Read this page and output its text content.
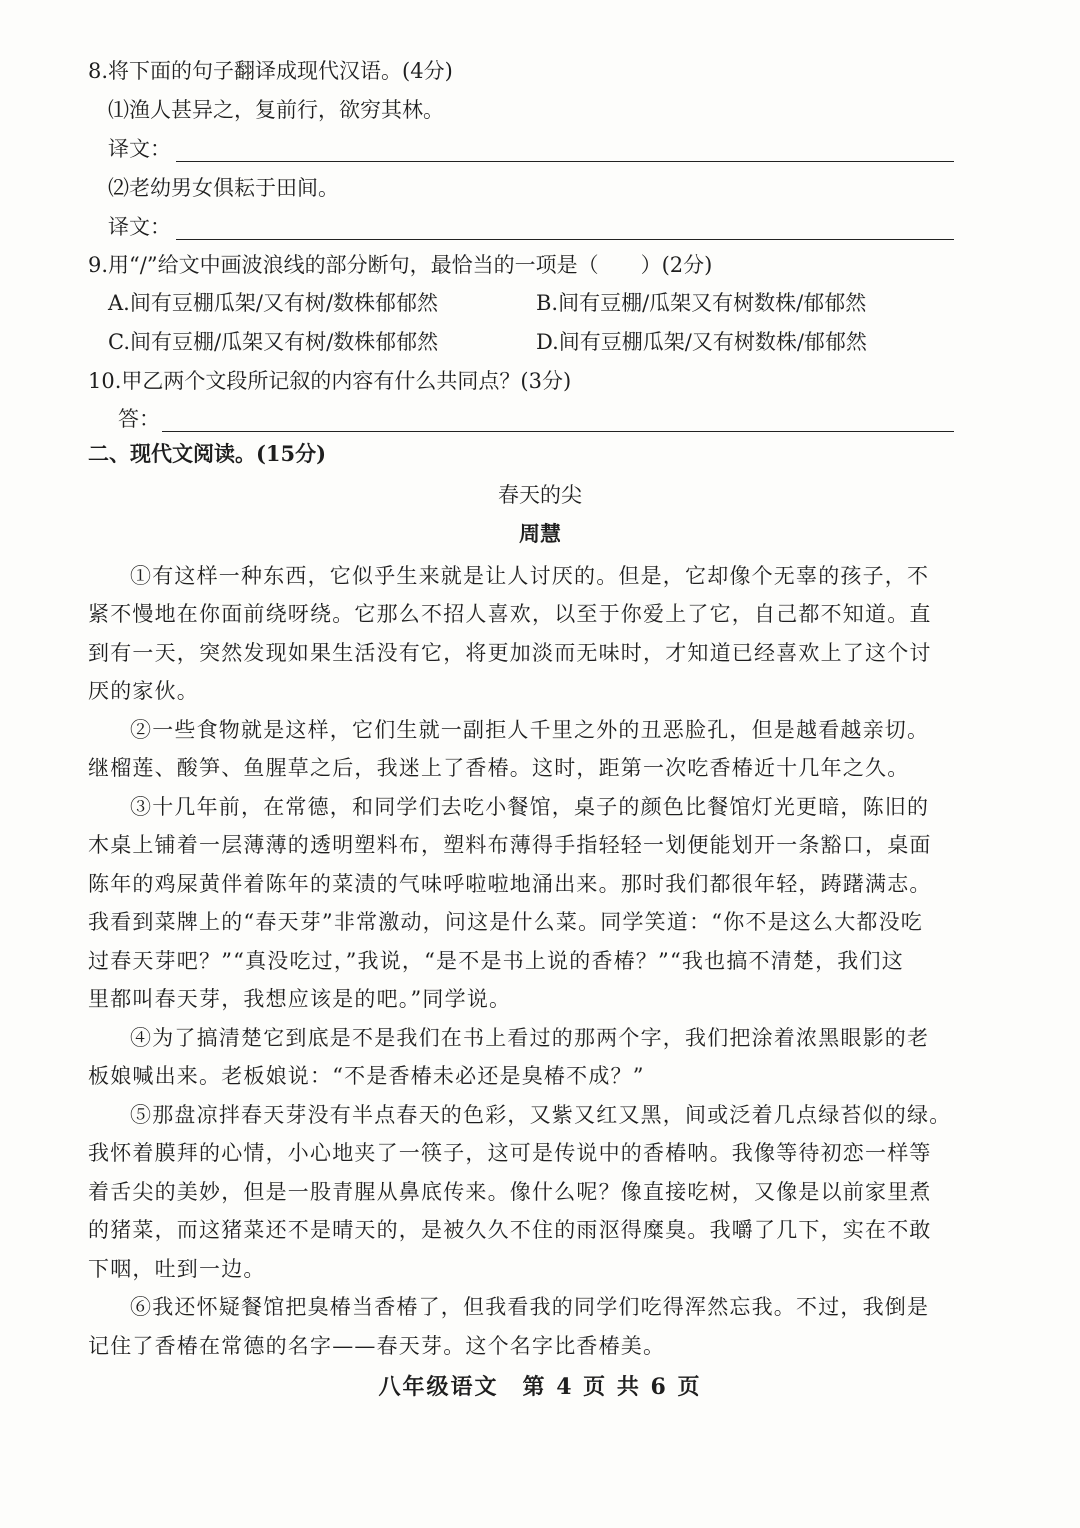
8.将下面的句子翻译成现代汉语。(4分)

⑴渔人甚异之，复前行，欲穷其林。

译文：

⑵老幼男女俱耘于田间。

译文：

9.用“/”给文中画波浪线的部分断句，最恰当的一项是（　　）(2分)

A.间有豆棚瓜架/又有树/数株郁郁然	B.间有豆棚/瓜架又有树数株/郁郁然
C.间有豆棚/瓜架又有树/数株郁郁然	D.间有豆棚瓜架/又有树数株/郁郁然

10.甲乙两个文段所记叙的内容有什么共同点？(3分)

答：

二、现代文阅读。(15分)

春天的尖
周慧

①有这样一种东西，它似乎生来就是让人讨厌的。但是，它却像个无辜的孩子，不

紧不慢地在你面前绕呀绕。它那么不招人喜欢，以至于你爱上了它，自己都不知道。直

到有一天，突然发现如果生活没有它，将更加淡而无味时，才知道已经喜欢上了这个讨

厌的家伙。

②一些食物就是这样，它们生就一副拒人千里之外的丑恶脸孔，但是越看越亲切。

继榴莲、酸笋、鱼腥草之后，我迷上了香椿。这时，距第一次吃香椿近十几年之久。

③十几年前，在常德，和同学们去吃小餐馆，桌子的颜色比餐馆灯光更暗，陈旧的

木桌上铺着一层薄薄的透明塑料布，塑料布薄得手指轻轻一划便能划开一条豁口，桌面

陈年的鸡屎黄伴着陈年的菜渍的气味呼啦啦地涌出来。那时我们都很年轻，踌躇满志。

我看到菜牌上的“春天芽”非常激动，问这是什么菜。同学笑道：“你不是这么大都没吃

过春天芽吧？”“真没吃过，”我说，“是不是书上说的香椿？”“我也搞不清楚，我们这

里都叫春天芽，我想应该是的吧。”同学说。

④为了搞清楚它到底是不是我们在书上看过的那两个字，我们把涂着浓黑眼影的老

板娘喊出来。老板娘说：“不是香椿未必还是臭椿不成？”

⑤那盘凉拌春天芽没有半点春天的色彩，又紫又红又黑，间或泛着几点绿苔似的绿。

我怀着膜拜的心情，小心地夹了一筷子，这可是传说中的香椿呐。我像等待初恋一样等

着舌尖的美妙，但是一股青腥从鼻底传来。像什么呢？像直接吃树，又像是以前家里煮

的猪菜，而这猪菜还不是晴天的，是被久久不住的雨沤得糜臭。我嚼了几下，实在不敢

下咽，吐到一边。

⑥我还怀疑餐馆把臭椿当香椿了，但我看我的同学们吃得浑然忘我。不过，我倒是

记住了香椿在常德的名字——春天芽。这个名字比香椿美。

八年级语文　第 4 页 共 6 页
